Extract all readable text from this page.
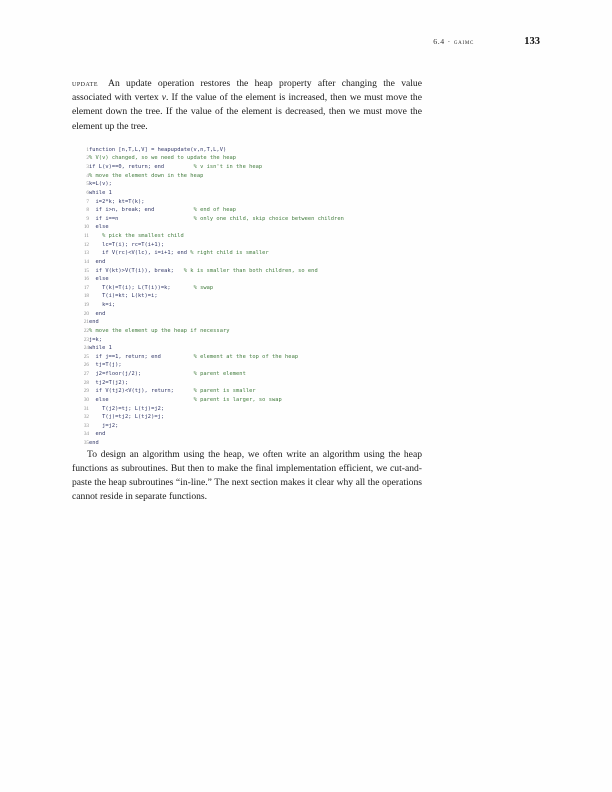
6.4 · gaimc	133

update An update operation restores the heap property after changing the value associated with vertex v. If the value of the element is increased, then we must move the element down the tree. If the value of the element is decreased, then we must move the element up the tree.

1	function [n,T,L,V] = heapupdate(v,n,T,L,V)
2	% V(v) changed, so we need to update the heap
3	if L(v)==0, return; end         % v isn't in the heap
4	% move the element down in the heap
5	k=L(v);
6	while 1
7	i=2*k; kt=T(k);
8	if i>n, break; end            % end of heap
9	if i==n                       % only one child, skip choice between children
10	else
11	% pick the smallest child
12	lc=T(i); rc=T(i+1);
13	if V(rc)<V(lc), i=i+1; end % right child is smaller
14	end
15	if V(kt)>V(T(i)), break;   % k is smaller than both children, so end
16	else
17	T(k)=T(i); L(T(i))=k;       % swap
18	T(i)=kt; L(kt)=i;
19	k=i;
20	end
21	end
22	% move the element up the heap if necessary
23	j=k;
24	while 1
25	if j==1, return; end          % element at the top of the heap
26	tj=T(j);
27	j2=floor(j/2);                % parent element
28	tj2=T(j2);
29	if V(tj2)<V(tj), return;      % parent is smaller
30	else                          % parent is larger, so swap
31	T(j2)=tj; L(tj)=j2;
32	T(j)=tj2; L(tj2)=j;
33	j=j2;
34	end
35	end

To design an algorithm using the heap, we often write an algorithm using the heap functions as subroutines. But then to make the final implementation efficient, we cut-and-paste the heap subroutines “in-line.” The next section makes it clear why all the operations cannot reside in separate functions.
